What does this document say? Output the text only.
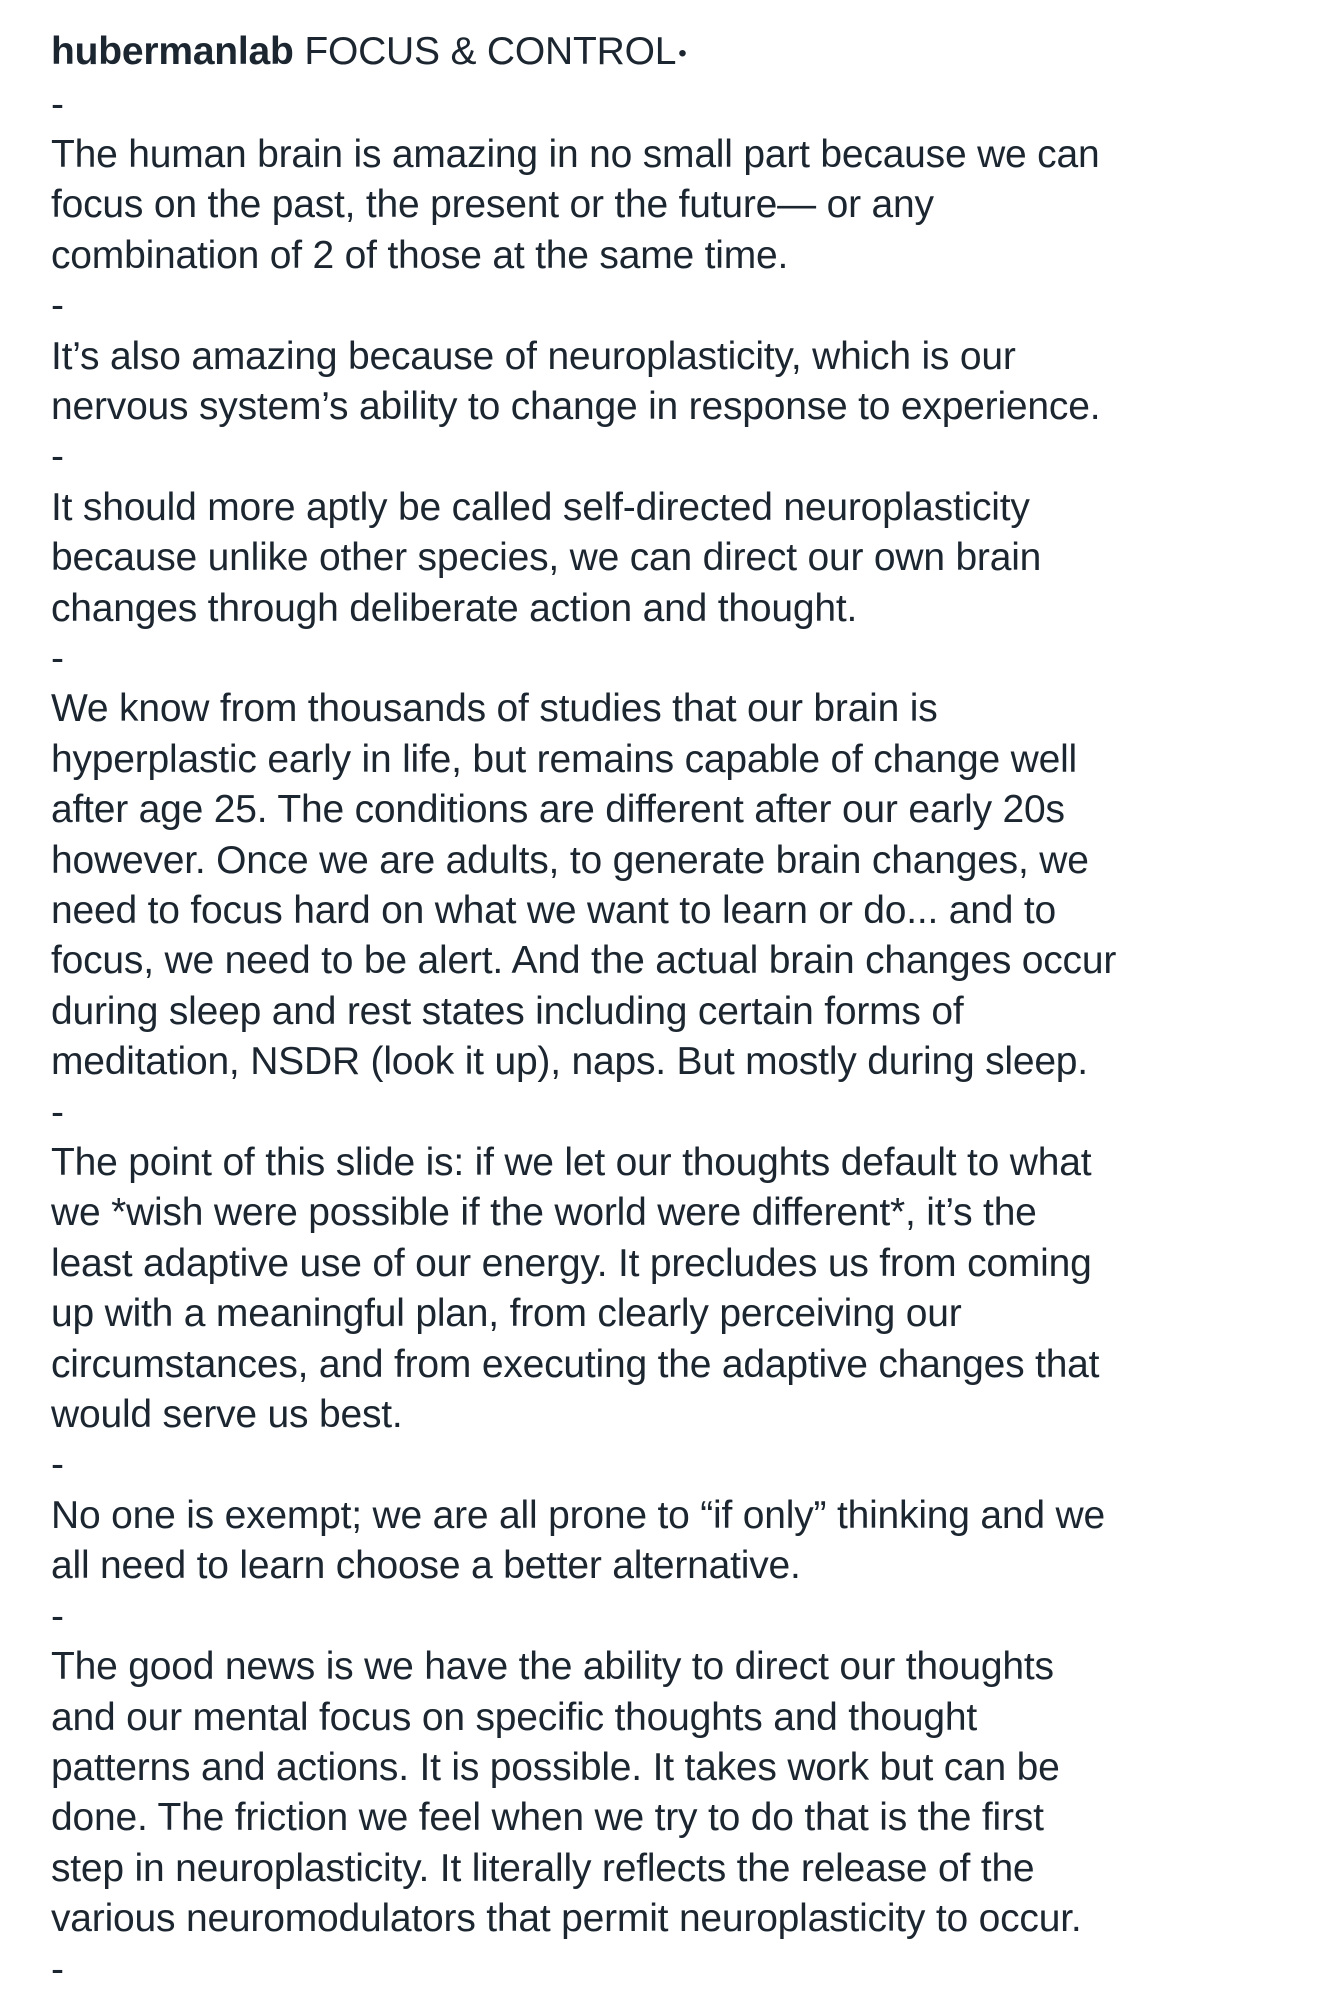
hubermanlab FOCUS & CONTROL•
-
The human brain is amazing in no small part because we can
focus on the past, the present or the future— or any
combination of 2 of those at the same time.
-
It’s also amazing because of neuroplasticity, which is our
nervous system’s ability to change in response to experience.
-
It should more aptly be called self-directed neuroplasticity
because unlike other species, we can direct our own brain
changes through deliberate action and thought.
-
We know from thousands of studies that our brain is
hyperplastic early in life, but remains capable of change well
after age 25. The conditions are different after our early 20s
however. Once we are adults, to generate brain changes, we
need to focus hard on what we want to learn or do... and to
focus, we need to be alert. And the actual brain changes occur
during sleep and rest states including certain forms of
meditation, NSDR (look it up), naps. But mostly during sleep.
-
The point of this slide is: if we let our thoughts default to what
we *wish were possible if the world were different*, it’s the
least adaptive use of our energy. It precludes us from coming
up with a meaningful plan, from clearly perceiving our
circumstances, and from executing the adaptive changes that
would serve us best.
-
No one is exempt; we are all prone to “if only” thinking and we
all need to learn choose a better alternative.
-
The good news is we have the ability to direct our thoughts
and our mental focus on specific thoughts and thought
patterns and actions. It is possible. It takes work but can be
done. The friction we feel when we try to do that is the first
step in neuroplasticity. It literally reflects the release of the
various neuromodulators that permit neuroplasticity to occur.
-
